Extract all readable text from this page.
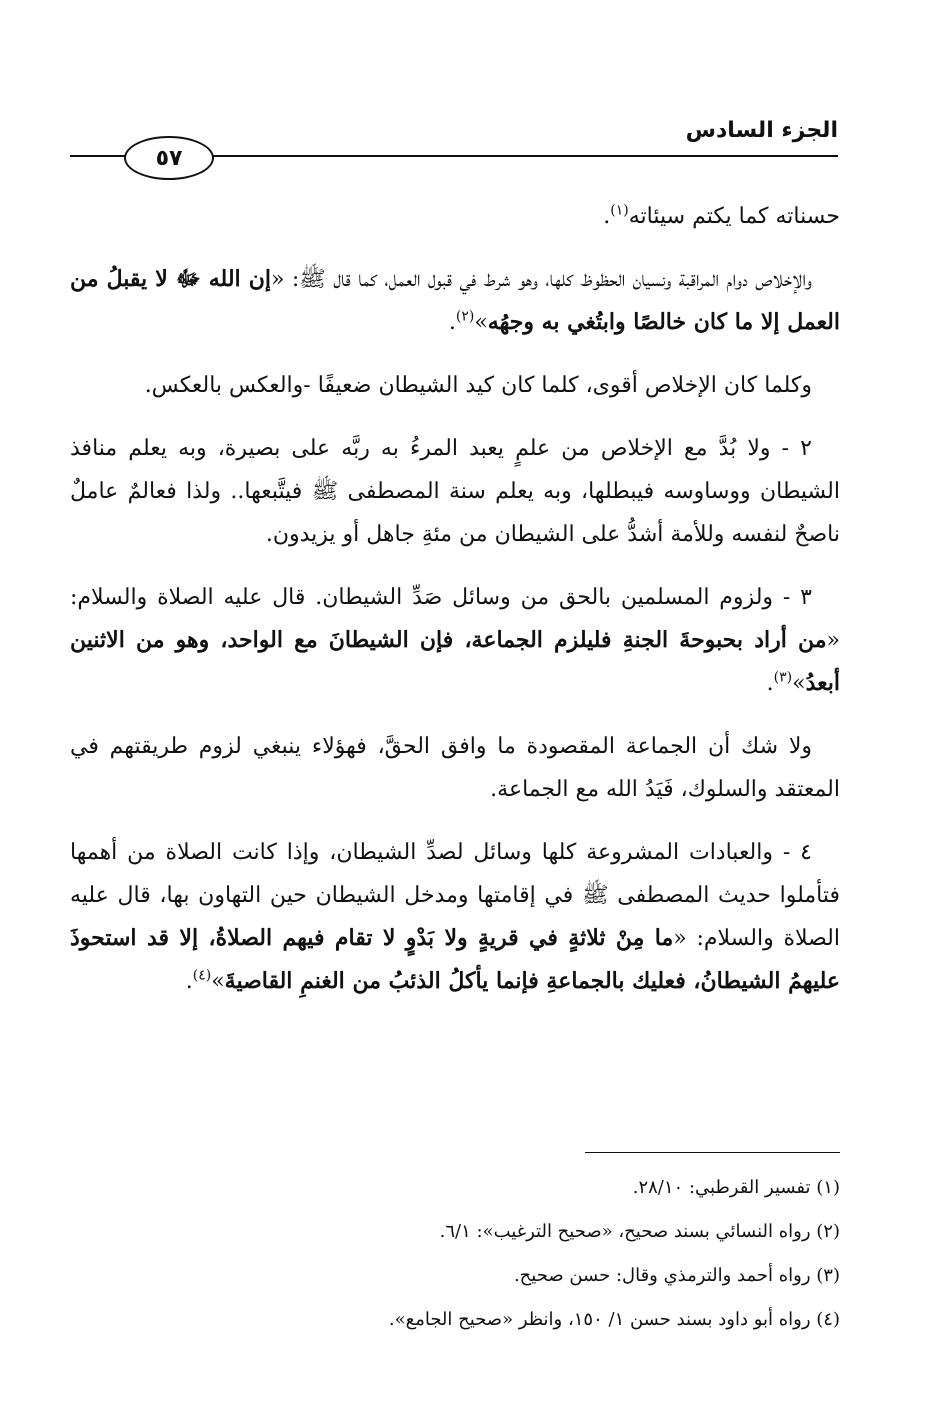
الجزء السادس
٥٧

حسناته كما يكتم سيئاته$^{(١)}$.

والإخلاص دوام المراقبة ونسيان الحظوظ كلها، وهو شرط في قبول العمل، كما قال ﷺ: «إن الله ﷻ لا يقبلُ من العمل إلا ما كان خالصًا وابتُغي به وجهُه»$^{(٢)}$.

وكلما كان الإخلاص أقوى، كلما كان كيد الشيطان ضعيفًا -والعكس بالعكس.

٢ - ولا بُدَّ مع الإخلاص من علمٍ يعبد المرءُ به ربَّه على بصيرة، وبه يعلم منافذ الشيطان ووساوسه فيبطلها، وبه يعلم سنة المصطفى ﷺ فيتَّبعها.. ولذا فعالمٌ عاملٌ ناصحٌ لنفسه وللأمة أشدُّ على الشيطان من مئةِ جاهل أو يزيدون.

٣ - ولزوم المسلمين بالحق من وسائل صَدِّ الشيطان. قال عليه الصلاة والسلام: «من أراد بحبوحةَ الجنةِ فليلزم الجماعة، فإن الشيطانَ مع الواحد، وهو من الاثنين أبعدُ»$^{(٣)}$.

ولا شك أن الجماعة المقصودة ما وافق الحقَّ، فهؤلاء ينبغي لزوم طريقتهم في المعتقد والسلوك، فَيَدُ الله مع الجماعة.

٤ - والعبادات المشروعة كلها وسائل لصدِّ الشيطان، وإذا كانت الصلاة من أهمها فتأملوا حديث المصطفى ﷺ في إقامتها ومدخل الشيطان حين التهاون بها، قال عليه الصلاة والسلام: «ما مِنْ ثلاثةٍ في قريةٍ ولا بَدْوٍ لا تقام فيهم الصلاةُ، إلا قد استحوذَ عليهمُ الشيطانُ، فعليك بالجماعةِ فإنما يأكلُ الذئبُ من الغنمِ القاصيةَ»$^{(٤)}$.

(١) تفسير القرطبي: ٢٨/١٠.
(٢) رواه النسائي بسند صحيح، «صحيح الترغيب»: ٦/١.
(٣) رواه أحمد والترمذي وقال: حسن صحيح.
(٤) رواه أبو داود بسند حسن ١/ ١٥٠، وانظر «صحيح الجامع».
